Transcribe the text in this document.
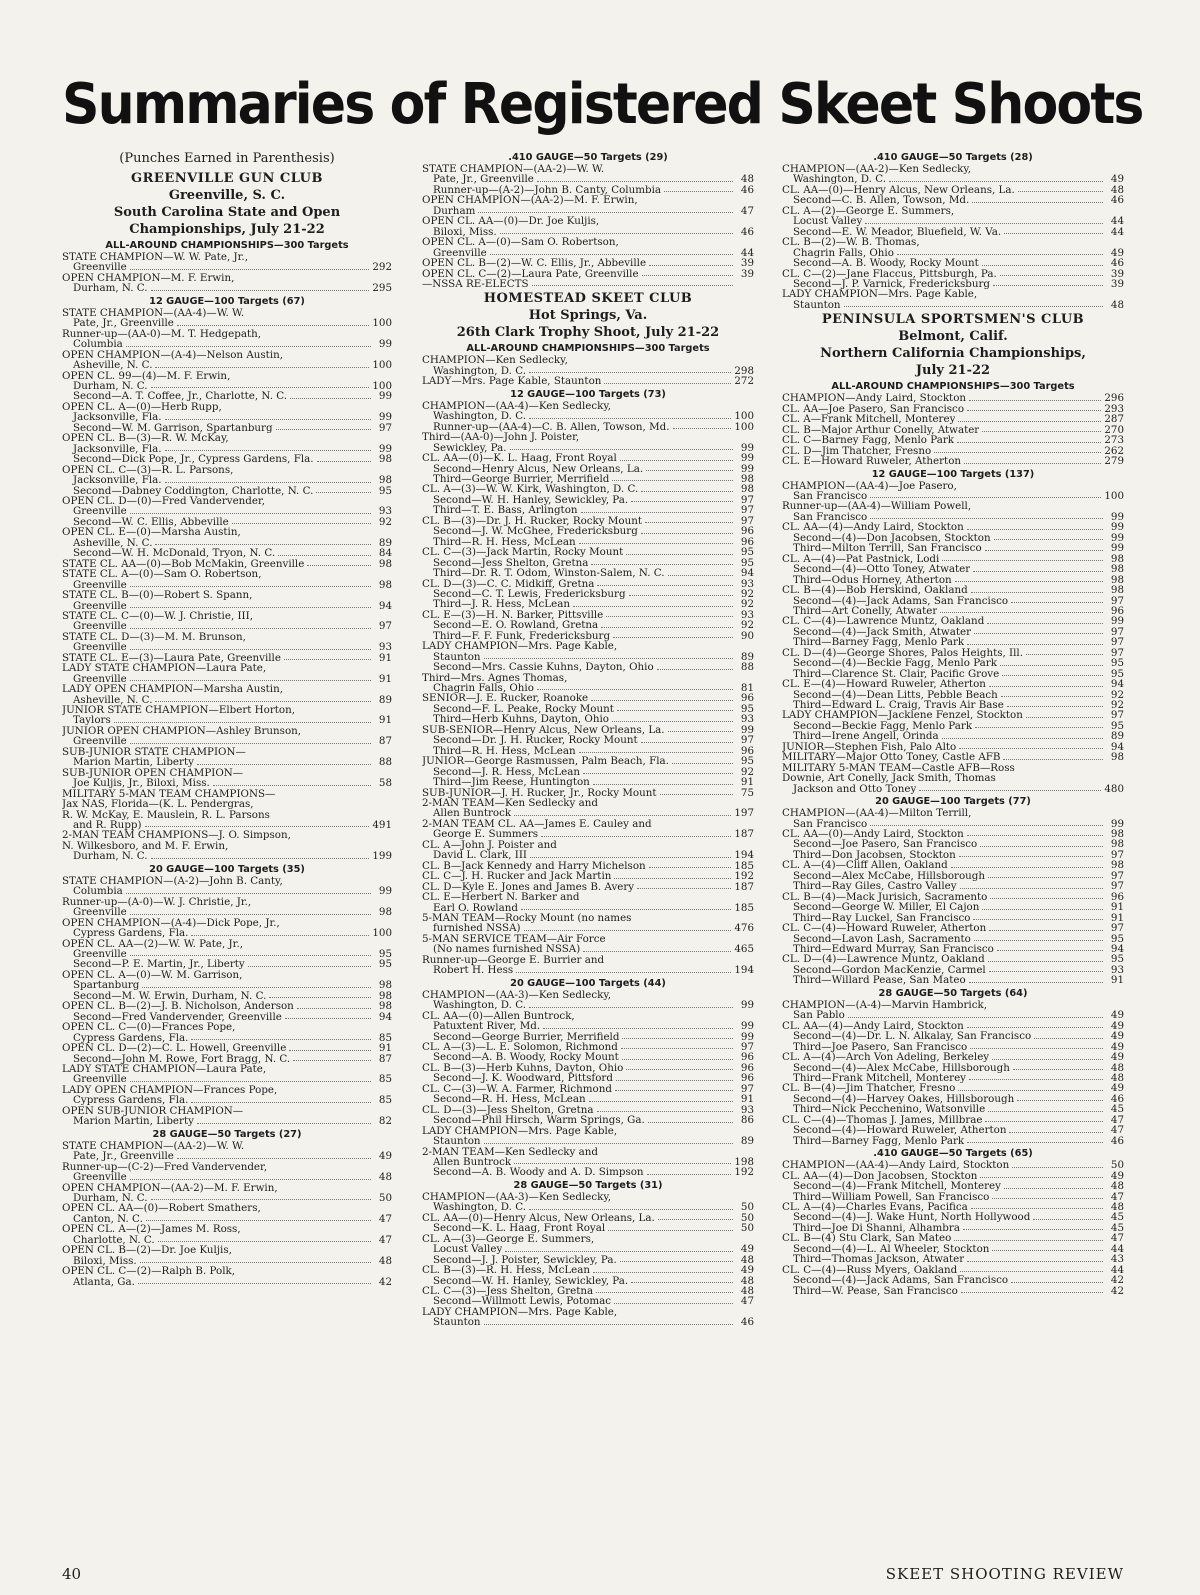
Summaries of Registered Skeet Shoots
(Punches Earned in Parenthesis)
GREENVILLE GUN CLUB
Greenville, S. C.
South Carolina State and Open
Championships, July 21-22
ALL-AROUND CHAMPIONSHIPS—300 Targets
STATE CHAMPION—W. W. Pate, Jr.,
Greenville	292
OPEN CHAMPION—M. F. Erwin,
Durham, N. C.	295
12 GAUGE—100 Targets (67)
STATE CHAMPION—(AA-4)—W. W.
Pate, Jr., Greenville	100
Runner-up—(AA-0)—M. T. Hedgepath,
Columbia	99
OPEN CHAMPION—(A-4)—Nelson Austin,
Asheville, N. C.	100
OPEN CL. 99—(4)—M. F. Erwin,
Durham, N. C.	100
Second—A. T. Coffee, Jr., Charlotte, N. C.	99
OPEN CL. A—(0)—Herb Rupp,
Jacksonville, Fla.	99
Second—W. M. Garrison, Spartanburg	97
OPEN CL. B—(3)—R. W. McKay,
Jacksonville, Fla.	99
Second—Dick Pope, Jr., Cypress Gardens, Fla.	98
OPEN CL. C—(3)—R. L. Parsons,
Jacksonville, Fla.	98
Second—Dabney Coddington, Charlotte, N. C.	95
OPEN CL. D—(0)—Fred Vandervender,
Greenville	93
Second—W. C. Ellis, Abbeville	92
OPEN CL. E—(0)—Marsha Austin,
Asheville, N. C.	89
Second—W. H. McDonald, Tryon, N. C.	84
STATE CL. AA—(0)—Bob McMakin, Greenville	98
STATE CL. A—(0)—Sam O. Robertson,
Greenville	98
STATE CL. B—(0)—Robert S. Spann,
Greenville	94
STATE CL. C—(0)—W. J. Christie, III,
Greenville	97
STATE CL. D—(3)—M. M. Brunson,
Greenville	93
STATE CL. E—(3)—Laura Pate, Greenville	91
LADY STATE CHAMPION—Laura Pate,
Greenville	91
LADY OPEN CHAMPION—Marsha Austin,
Asheville, N. C.	89
JUNIOR STATE CHAMPION—Elbert Horton,
Taylors	91
JUNIOR OPEN CHAMPION—Ashley Brunson,
Greenville	87
SUB-JUNIOR STATE CHAMPION—
Marion Martin, Liberty	88
SUB-JUNIOR OPEN CHAMPION—
Joe Kuljis, Jr., Biloxi, Miss.	58
MILITARY 5-MAN TEAM CHAMPIONS—
Jax NAS, Florida—(K. L. Pendergras,
R. W. McKay, E. Mauslein, R. L. Parsons
and R. Rupp)	491
2-MAN TEAM CHAMPIONS—J. O. Simpson,
N. Wilkesboro, and M. F. Erwin,
Durham, N. C.	199
20 GAUGE—100 Targets (35)
STATE CHAMPION—(A-2)—John B. Canty,
Columbia	99
Runner-up—(A-0)—W. J. Christie, Jr.,
Greenville	98
OPEN CHAMPION—(A-4)—Dick Pope, Jr.,
Cypress Gardens, Fla.	100
OPEN CL. AA—(2)—W. W. Pate, Jr.,
Greenville	95
Second—P. E. Martin, Jr., Liberty	95
OPEN CL. A—(0)—W. M. Garrison,
Spartanburg	98
Second—M. W. Erwin, Durham, N. C.	98
OPEN CL. B—(2)—J. B. Nicholson, Anderson	98
Second—Fred Vandervender, Greenville	94
OPEN CL. C—(0)—Frances Pope,
Cypress Gardens, Fla.	85
OPEN CL. D—(2)—C. L. Howell, Greenville	91
Second—John M. Rowe, Fort Bragg, N. C.	87
LADY STATE CHAMPION—Laura Pate,
Greenville	85
LADY OPEN CHAMPION—Frances Pope,
Cypress Gardens, Fla.	85
OPEN SUB-JUNIOR CHAMPION—
Marion Martin, Liberty	82
28 GAUGE—50 Targets (27)
STATE CHAMPION—(AA-2)—W. W.
Pate, Jr., Greenville	49
Runner-up—(C-2)—Fred Vandervender,
Greenville	48
OPEN CHAMPION—(AA-2)—M. F. Erwin,
Durham, N. C.	50
OPEN CL. AA—(0)—Robert Smathers,
Canton, N. C.	47
OPEN CL. A—(2)—James M. Ross,
Charlotte, N. C.	47
OPEN CL. B—(2)—Dr. Joe Kuljis,
Biloxi, Miss.	48
OPEN CL. C—(2)—Ralph B. Polk,
Atlanta, Ga.	42
.410 GAUGE—50 Targets (29)
STATE CHAMPION—(AA-2)—W. W.
Pate, Jr., Greenville	48
Runner-up—(A-2)—John B. Canty, Columbia	46
OPEN CHAMPION—(AA-2)—M. F. Erwin,
Durham	47
OPEN CL. AA—(0)—Dr. Joe Kuljis,
Biloxi, Miss.	46
OPEN CL. A—(0)—Sam O. Robertson,
Greenville	44
OPEN CL. B—(2)—W. C. Ellis, Jr., Abbeville	39
OPEN CL. C—(2)—Laura Pate, Greenville	39
—NSSA RE-ELECTS
HOMESTEAD SKEET CLUB
Hot Springs, Va.
26th Clark Trophy Shoot, July 21-22
ALL-AROUND CHAMPIONSHIPS—300 Targets
CHAMPION—Ken Sedlecky,
Washington, D. C.	298
LADY—Mrs. Page Kable, Staunton	272
12 GAUGE—100 Targets (73)
CHAMPION—(AA-4)—Ken Sedlecky,
Washington, D. C.	100
Runner-up—(AA-4)—C. B. Allen, Towson, Md.	100
Third—(AA-0)—John J. Poister,
Sewickley, Pa.	99
CL. AA—(0)—K. L. Haag, Front Royal	99
Second—Henry Alcus, New Orleans, La.	99
Third—George Burrier, Merrifield	98
CL. A—(3)—W. W. Kirk, Washington, D. C.	98
Second—W. H. Hanley, Sewickley, Pa.	97
Third—T. E. Bass, Arlington	97
CL. B—(3)—Dr. J. H. Rucker, Rocky Mount	97
Second—J. W. McGhee, Fredericksburg	96
Third—R. H. Hess, McLean	96
CL. C—(3)—Jack Martin, Rocky Mount	95
Second—Jess Shelton, Gretna	95
Third—Dr. R. T. Odom, Winston-Salem, N. C.	94
CL. D—(3)—C. C. Midkiff, Gretna	93
Second—C. T. Lewis, Fredericksburg	92
Third—J. R. Hess, McLean	92
CL. E—(3)—H. N. Barker, Pittsville	93
Second—E. O. Rowland, Gretna	92
Third—F. F. Funk, Fredericksburg	90
LADY CHAMPION—Mrs. Page Kable,
Staunton	89
Second—Mrs. Cassie Kuhns, Dayton, Ohio	88
Third—Mrs. Agnes Thomas,
Chagrin Falls, Ohio	81
SENIOR—J. E. Rucker, Roanoke	96
Second—F. L. Peake, Rocky Mount	95
Third—Herb Kuhns, Dayton, Ohio	93
SUB-SENIOR—Henry Alcus, New Orleans, La.	99
Second—Dr. J. H. Rucker, Rocky Mount	97
Third—R. H. Hess, McLean	96
JUNIOR—George Rasmussen, Palm Beach, Fla.	95
Second—J. R. Hess, McLean	92
Third—Jim Reese, Huntington	91
SUB-JUNIOR—J. H. Rucker, Jr., Rocky Mount	75
2-MAN TEAM—Ken Sedlecky and
Allen Buntrock	197
2-MAN TEAM CL. AA—James E. Cauley and
George E. Summers	187
CL. A—John J. Poister and
David L. Clark, III	194
CL. B—Jack Kennedy and Harry Michelson	185
CL. C—J. H. Rucker and Jack Martin	192
CL. D—Kyle E. Jones and James B. Avery	187
CL. E—Herbert N. Barker and
Earl O. Rowland	185
5-MAN TEAM—Rocky Mount (no names
furnished NSSA)	476
5-MAN SERVICE TEAM—Air Force
(No names furnished NSSA)	465
Runner-up—George E. Burrier and
Robert H. Hess	194
20 GAUGE—100 Targets (44)
CHAMPION—(AA-3)—Ken Sedlecky,
Washington, D. C.	99
CL. AA—(0)—Allen Buntrock,
Patuxtent River, Md.	99
Second—George Burrier, Merrifield	99
CL. A—(3)—L. E. Solomon, Richmond	97
Second—A. B. Woody, Rocky Mount	96
CL. B—(3)—Herb Kuhns, Dayton, Ohio	96
Second—J. K. Woodward, Pittsford	96
CL. C—(3)—W. A. Farmer, Richmond	97
Second—R. H. Hess, McLean	91
CL. D—(3)—Jess Shelton, Gretna	93
Second—Phil Hirsch, Warm Springs, Ga.	86
LADY CHAMPION—Mrs. Page Kable,
Staunton	89
2-MAN TEAM—Ken Sedlecky and
Allen Buntrock	198
Second—A. B. Woody and A. D. Simpson	192
28 GAUGE—50 Targets (31)
CHAMPION—(AA-3)—Ken Sedlecky,
Washington, D. C.	50
CL. AA—(0)—Henry Alcus, New Orleans, La.	50
Second—K. L. Haag, Front Royal	50
CL. A—(3)—George E. Summers,
Locust Valley	49
Second—J. J. Poister, Sewickley, Pa.	48
CL. B—(3)—R. H. Hess, McLean	49
Second—W. H. Hanley, Sewickley, Pa.	48
CL. C—(3)—Jess Shelton, Gretna	48
Second—Willmott Lewis, Potomac	47
LADY CHAMPION—Mrs. Page Kable,
Staunton	46
.410 GAUGE—50 Targets (28)
CHAMPION—(AA-2)—Ken Sedlecky,
Washington, D. C.	49
CL. AA—(0)—Henry Alcus, New Orleans, La.	48
Second—C. B. Allen, Towson, Md.	46
CL. A—(2)—George E. Summers,
Locust Valley	44
Second—E. W. Meador, Bluefield, W. Va.	44
CL. B—(2)—W. B. Thomas,
Chagrin Falls, Ohio	49
Second—A. B. Woody, Rocky Mount	46
CL. C—(2)—Jane Flaccus, Pittsburgh, Pa.	39
Second—J. P. Varnick, Fredericksburg	39
LADY CHAMPION—Mrs. Page Kable,
Staunton	48
PENINSULA SPORTSMEN'S CLUB
Belmont, Calif.
Northern California Championships,
July 21-22
ALL-AROUND CHAMPIONSHIPS—300 Targets
CHAMPION—Andy Laird, Stockton	296
CL. AA—Joe Pasero, San Francisco	293
CL. A—Frank Mitchell, Monterey	287
CL. B—Major Arthur Conelly, Atwater	270
CL. C—Barney Fagg, Menlo Park	273
CL. D—Jim Thatcher, Fresno	262
CL. E—Howard Ruweler, Atherton	279
12 GAUGE—100 Targets (137)
CHAMPION—(AA-4)—Joe Pasero,
San Francisco	100
Runner-up—(AA-4)—William Powell,
San Francisco	99
CL. AA—(4)—Andy Laird, Stockton	99
Second—(4)—Don Jacobsen, Stockton	99
Third—Milton Terrill, San Francisco	99
CL. A—(4)—Pat Pastnick, Lodi	98
Second—(4)—Otto Toney, Atwater	98
Third—Odus Horney, Atherton	98
CL. B—(4)—Bob Herskind, Oakland	98
Second—(4)—Jack Adams, San Francisco	97
Third—Art Conelly, Atwater	96
CL. C—(4)—Lawrence Muntz, Oakland	99
Second—(4)—Jack Smith, Atwater	97
Third—Barney Fagg, Menlo Park	97
CL. D—(4)—George Shores, Palos Heights, Ill.	97
Second—(4)—Beckie Fagg, Menlo Park	95
Third—Clarence St. Clair, Pacific Grove	95
CL. E—(4)—Howard Ruweler, Atherton	94
Second—(4)—Dean Litts, Pebble Beach	92
Third—Edward L. Craig, Travis Air Base	92
LADY CHAMPION—Jacklene Fenzel, Stockton	97
Second—Beckie Fagg, Menlo Park	95
Third—Irene Angell, Orinda	89
JUNIOR—Stephen Fish, Palo Alto	94
MILITARY—Major Otto Toney, Castle AFB	98
MILITARY 5-MAN TEAM—Castle AFB—Ross
Downie, Art Conelly, Jack Smith, Thomas
Jackson and Otto Toney	480
20 GAUGE—100 Targets (77)
CHAMPION—(AA-4)—Milton Terrill,
San Francisco	99
CL. AA—(0)—Andy Laird, Stockton	98
Second—Joe Pasero, San Francisco	98
Third—Don Jacobsen, Stockton	97
CL. A—(4)—Cliff Allen, Oakland	98
Second—Alex McCabe, Hillsborough	97
Third—Ray Giles, Castro Valley	97
CL. B—(4)—Mack Jurisich, Sacramento	96
Second—George W. Miller, El Cajon	91
Third—Ray Luckel, San Francisco	91
CL. C—(4)—Howard Ruweler, Atherton	97
Second—Lavon Lash, Sacramento	95
Third—Edward Murray, San Francisco	94
CL. D—(4)—Lawrence Muntz, Oakland	95
Second—Gordon MacKenzie, Carmel	93
Third—Willard Pease, San Mateo	91
28 GAUGE—50 Targets (64)
CHAMPION—(A-4)—Marvin Hambrick,
San Pablo	49
CL. AA—(4)—Andy Laird, Stockton	49
Second—(4)—Dr. L. N. Alkalay, San Francisco	49
Third—Joe Pasero, San Francisco	49
CL. A—(4)—Arch Von Adeling, Berkeley	49
Second—(4)—Alex McCabe, Hillsborough	48
Third—Frank Mitchell, Monterey	48
CL. B—(4)—Jim Thatcher, Fresno	49
Second—(4)—Harvey Oakes, Hillsborough	46
Third—Nick Pecchenino, Watsonville	45
CL. C—(4)—Thomas J. James, Millbrae	47
Second—(4)—Howard Ruweler, Atherton	47
Third—Barney Fagg, Menlo Park	46
.410 GAUGE—50 Targets (65)
CHAMPION—(AA-4)—Andy Laird, Stockton	50
CL. AA—(4)—Don Jacobsen, Stockton	49
Second—(4)—Frank Mitchell, Monterey	48
Third—William Powell, San Francisco	47
CL. A—(4)—Charles Evans, Pacifica	48
Second—(4)—J. Wake Hunt, North Hollywood	45
Third—Joe Di Shanni, Alhambra	45
CL. B—(4) Stu Clark, San Mateo	47
Second—(4)—L. Al Wheeler, Stockton	44
Third—Thomas Jackson, Atwater	43
CL. C—(4)—Russ Myers, Oakland	44
Second—(4)—Jack Adams, San Francisco	42
Third—W. Pease, San Francisco	42
40	SKEET SHOOTING REVIEW
